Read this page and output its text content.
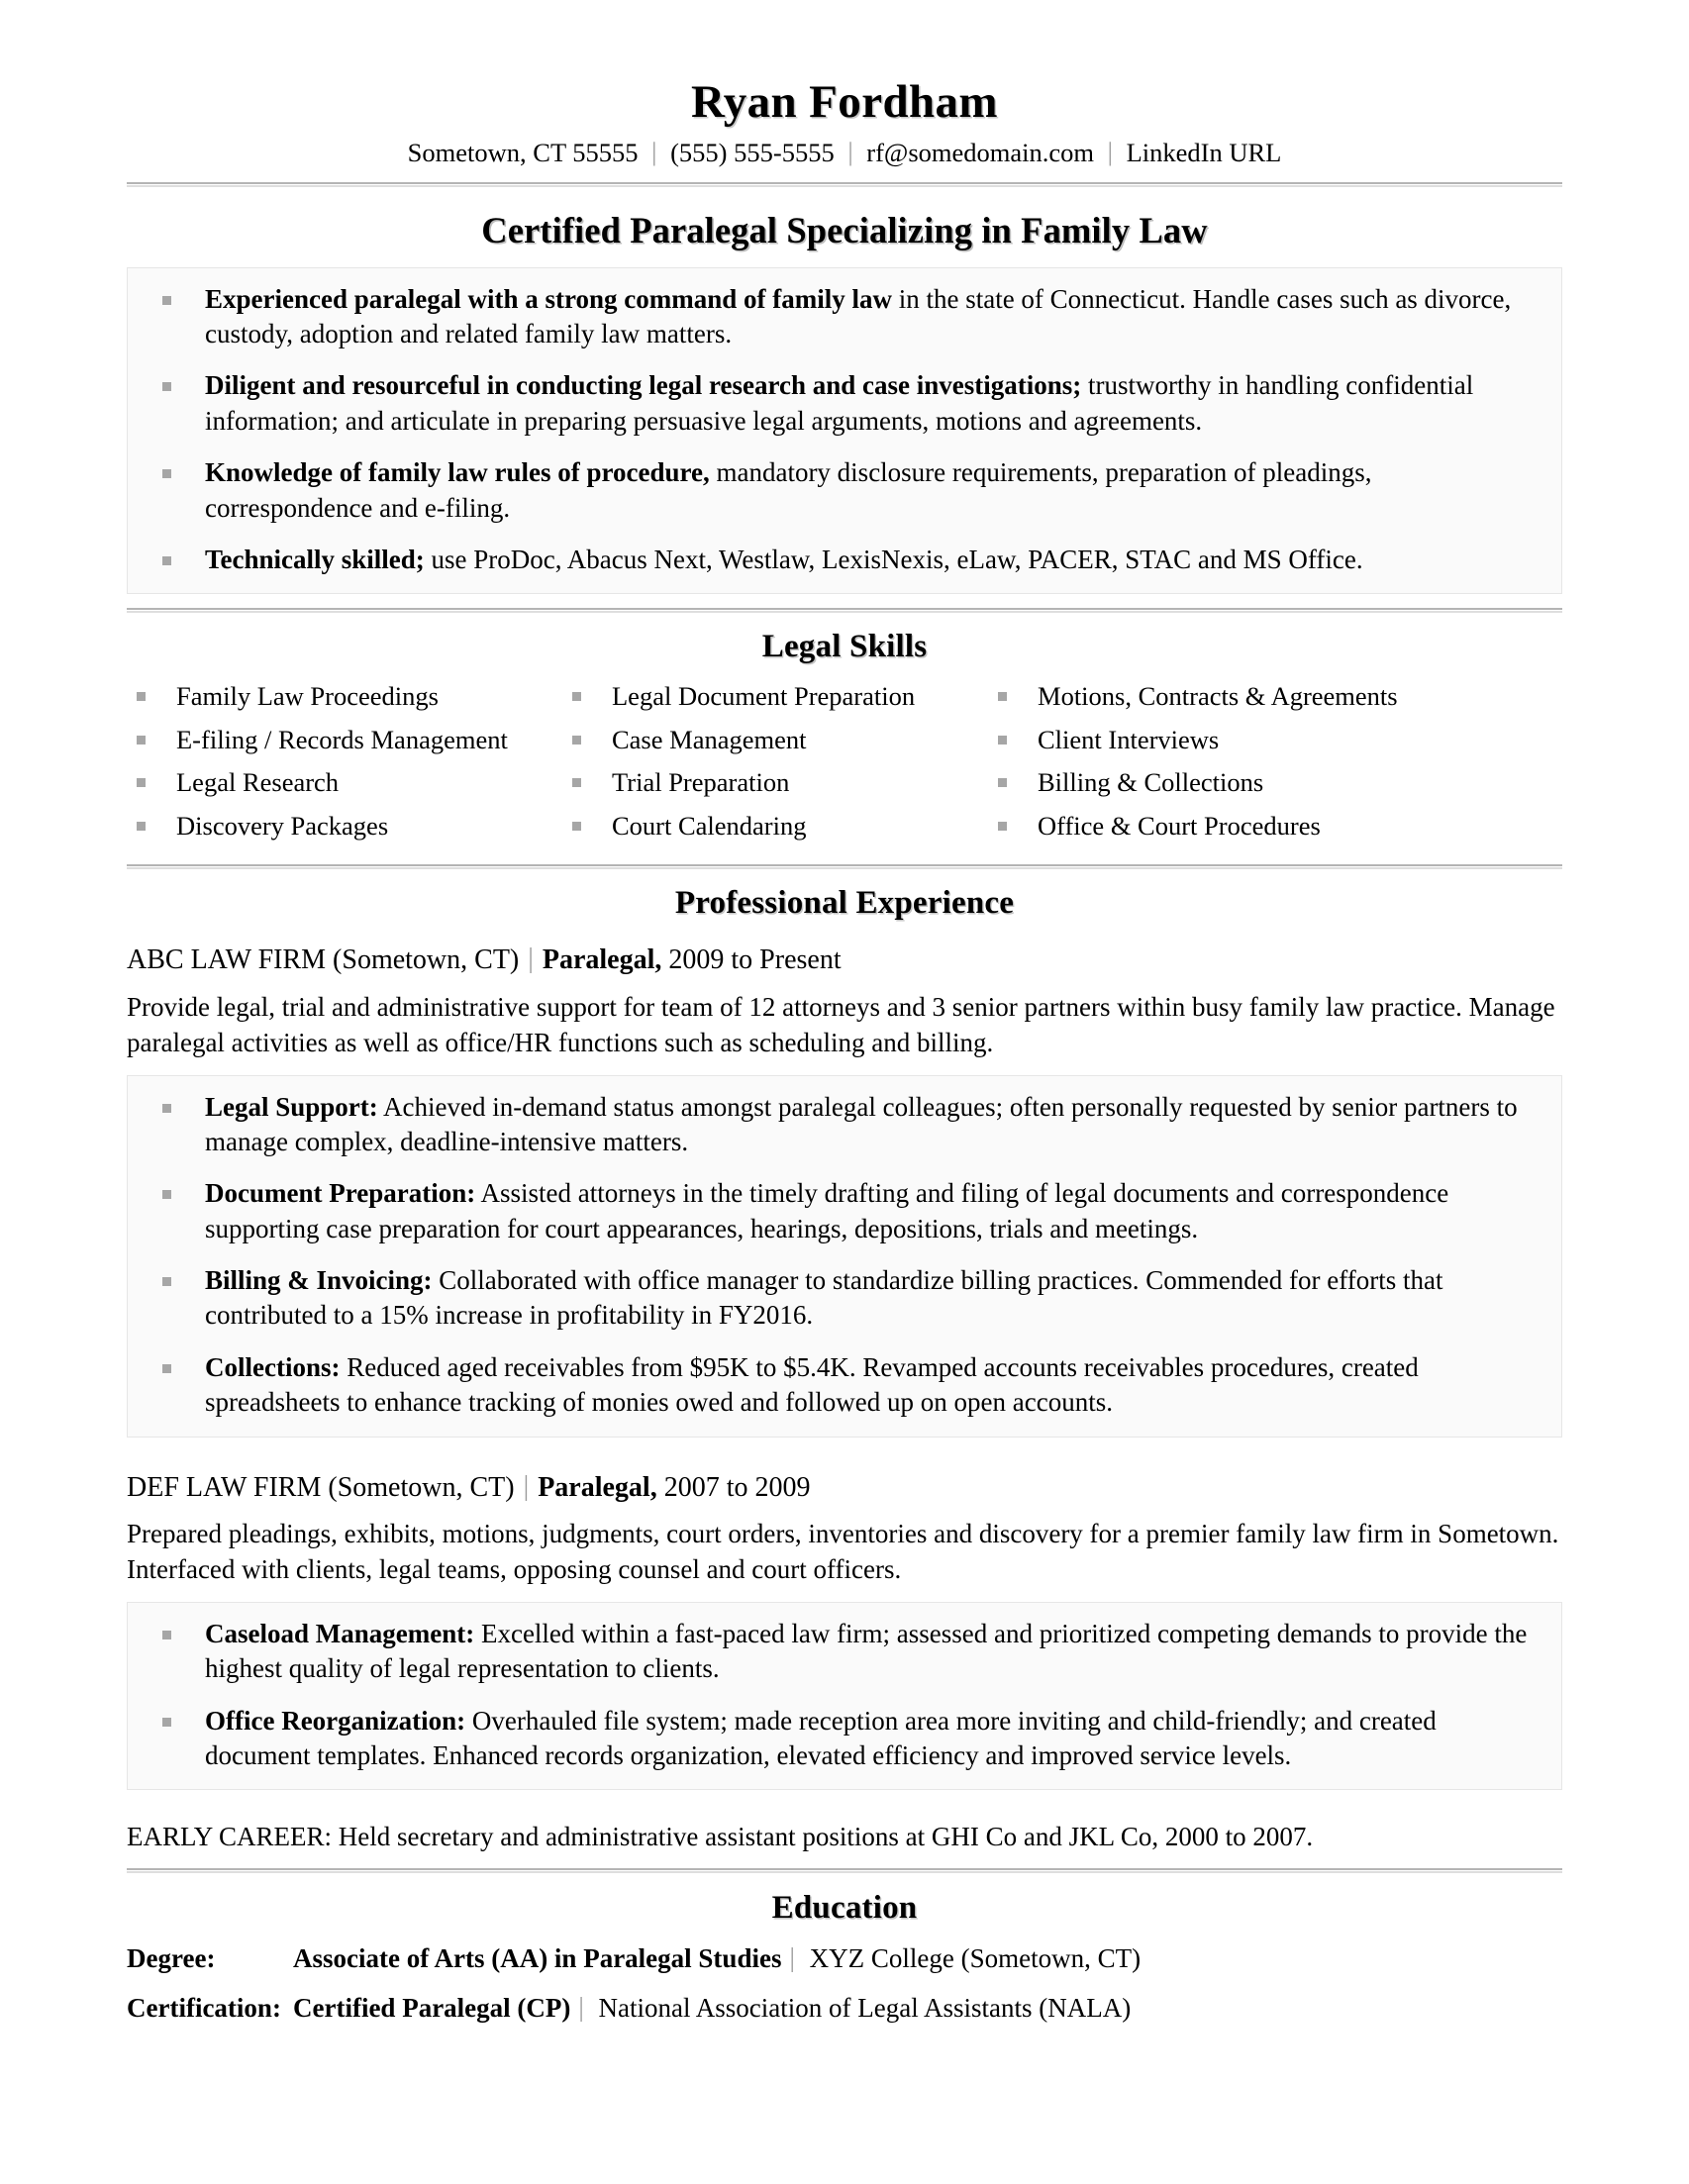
Ryan Fordham
Sometown, CT 55555 | (555) 555-5555 | rf@somedomain.com | LinkedIn URL
Certified Paralegal Specializing in Family Law
Experienced paralegal with a strong command of family law in the state of Connecticut. Handle cases such as divorce, custody, adoption and related family law matters.
Diligent and resourceful in conducting legal research and case investigations; trustworthy in handling confidential information; and articulate in preparing persuasive legal arguments, motions and agreements.
Knowledge of family law rules of procedure, mandatory disclosure requirements, preparation of pleadings, correspondence and e-filing.
Technically skilled; use ProDoc, Abacus Next, Westlaw, LexisNexis, eLaw, PACER, STAC and MS Office.
Legal Skills
Family Law Proceedings
E-filing / Records Management
Legal Research
Discovery Packages
Legal Document Preparation
Case Management
Trial Preparation
Court Calendaring
Motions, Contracts & Agreements
Client Interviews
Billing & Collections
Office & Court Procedures
Professional Experience
ABC LAW FIRM (Sometown, CT) | Paralegal, 2009 to Present
Provide legal, trial and administrative support for team of 12 attorneys and 3 senior partners within busy family law practice. Manage paralegal activities as well as office/HR functions such as scheduling and billing.
Legal Support: Achieved in-demand status amongst paralegal colleagues; often personally requested by senior partners to manage complex, deadline-intensive matters.
Document Preparation: Assisted attorneys in the timely drafting and filing of legal documents and correspondence supporting case preparation for court appearances, hearings, depositions, trials and meetings.
Billing & Invoicing: Collaborated with office manager to standardize billing practices. Commended for efforts that contributed to a 15% increase in profitability in FY2016.
Collections: Reduced aged receivables from $95K to $5.4K. Revamped accounts receivables procedures, created spreadsheets to enhance tracking of monies owed and followed up on open accounts.
DEF LAW FIRM (Sometown, CT) | Paralegal, 2007 to 2009
Prepared pleadings, exhibits, motions, judgments, court orders, inventories and discovery for a premier family law firm in Sometown. Interfaced with clients, legal teams, opposing counsel and court officers.
Caseload Management: Excelled within a fast-paced law firm; assessed and prioritized competing demands to provide the highest quality of legal representation to clients.
Office Reorganization: Overhauled file system; made reception area more inviting and child-friendly; and created document templates. Enhanced records organization, elevated efficiency and improved service levels.
EARLY CAREER: Held secretary and administrative assistant positions at GHI Co and JKL Co, 2000 to 2007.
Education
Degree:	Associate of Arts (AA) in Paralegal Studies | XYZ College (Sometown, CT)
Certification: Certified Paralegal (CP) | National Association of Legal Assistants (NALA)
